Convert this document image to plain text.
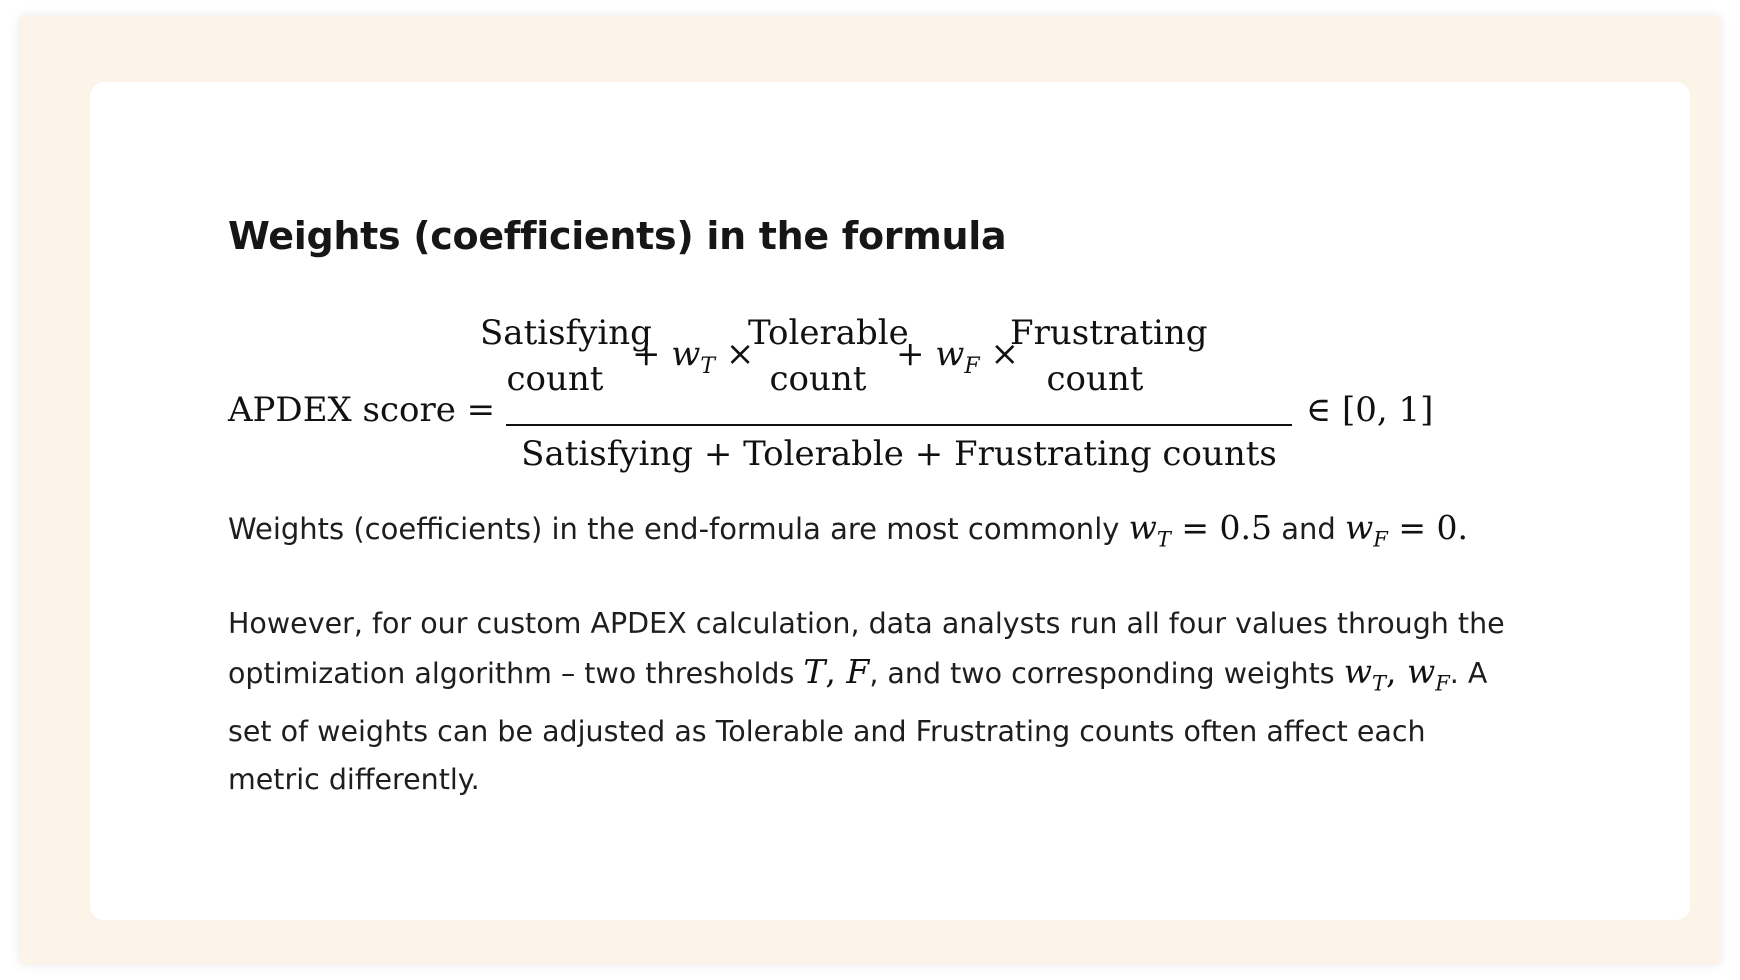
Weights (coefficients) in the formula
APDEX score =
Satisfying
count
+ $w_T$ ×
Tolerable
count
+ $w_F$ ×
Frustrating
count
Satisfying + Tolerable + Frustrating counts
∈ [0, 1]

Weights (coefficients) in the end-formula are most commonly $w_T = 0.5$ and $w_F = 0$.

However, for our custom APDEX calculation, data analysts run all four values through the
optimization algorithm – two thresholds T, F, and two corresponding weights $w_T$, $w_F$. A
set of weights can be adjusted as Tolerable and Frustrating counts often affect each
metric differently.
